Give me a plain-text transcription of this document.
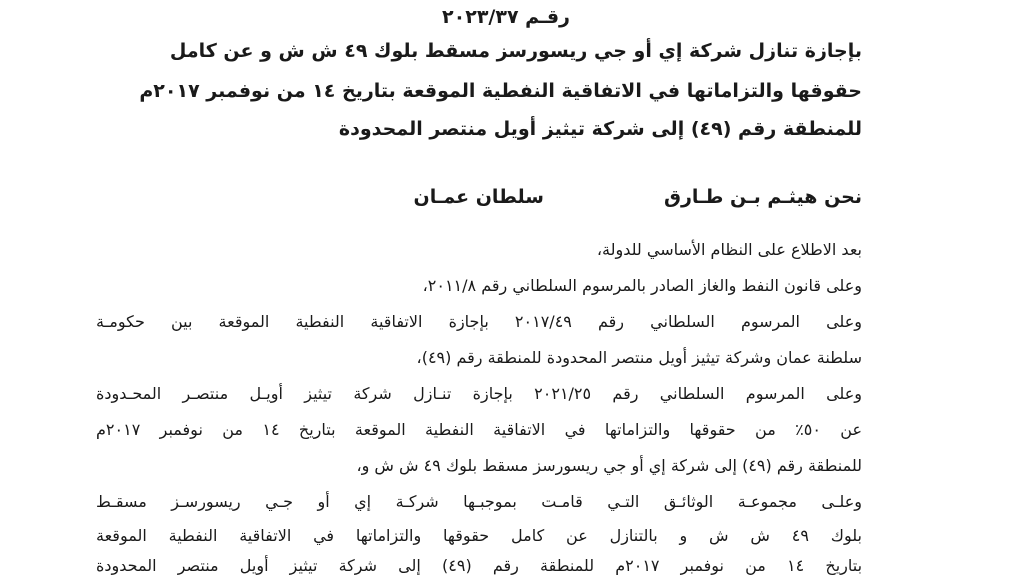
رقـم ٢٠٢٣/٣٧
بإجازة تنازل شركة إي أو جي ريسورسز مسقط بلوك ٤٩ ش ش و عن كامل
حقوقها والتزاماتها في الاتفاقية النفطية الموقعة بتاريخ ١٤ من نوفمبر ٢٠١٧م
للمنطقة رقم (٤٩) إلى شركة تيثيز أويل منتصر المحدودة
نحن هيثـم بـن طـارق
سلطان عمـان
بعد الاطلاع على النظام الأساسي للدولة،
وعلى قانون النفط والغاز الصادر بالمرسوم السلطاني رقم ٢٠١١/٨،
وعلى المرسوم السلطاني رقم ٢٠١٧/٤٩ بإجازة الاتفاقية النفطية الموقعة بين حكومـة
سلطنة عمان وشركة تيثيز أويل منتصر المحدودة للمنطقة رقم (٤٩)،
وعلى المرسوم السلطاني رقم ٢٠٢١/٢٥ بإجازة تنـازل شركة تيثيز أويـل منتصـر المحـدودة
عن ٥٠٪ من حقوقها والتزاماتها في الاتفاقية النفطية الموقعة بتاريخ ١٤ من نوفمبر ٢٠١٧م
للمنطقة رقم (٤٩) إلى شركة إي أو جي ريسورسز مسقط بلوك ٤٩ ش ش و،
وعلـى مجموعـة الوثائـق التـي قامـت بموجبـها شركـة إي أو جـي ريسورسـز مسقـط
بلوك ٤٩ ش ش و بالتنازل عن كامل حقوقها والتزاماتها في الاتفاقية النفطية الموقعة
بتاريخ ١٤ من نوفمبر ٢٠١٧م للمنطقة رقم (٤٩) إلى شركة تيثيز أويل منتصر المحدودة
